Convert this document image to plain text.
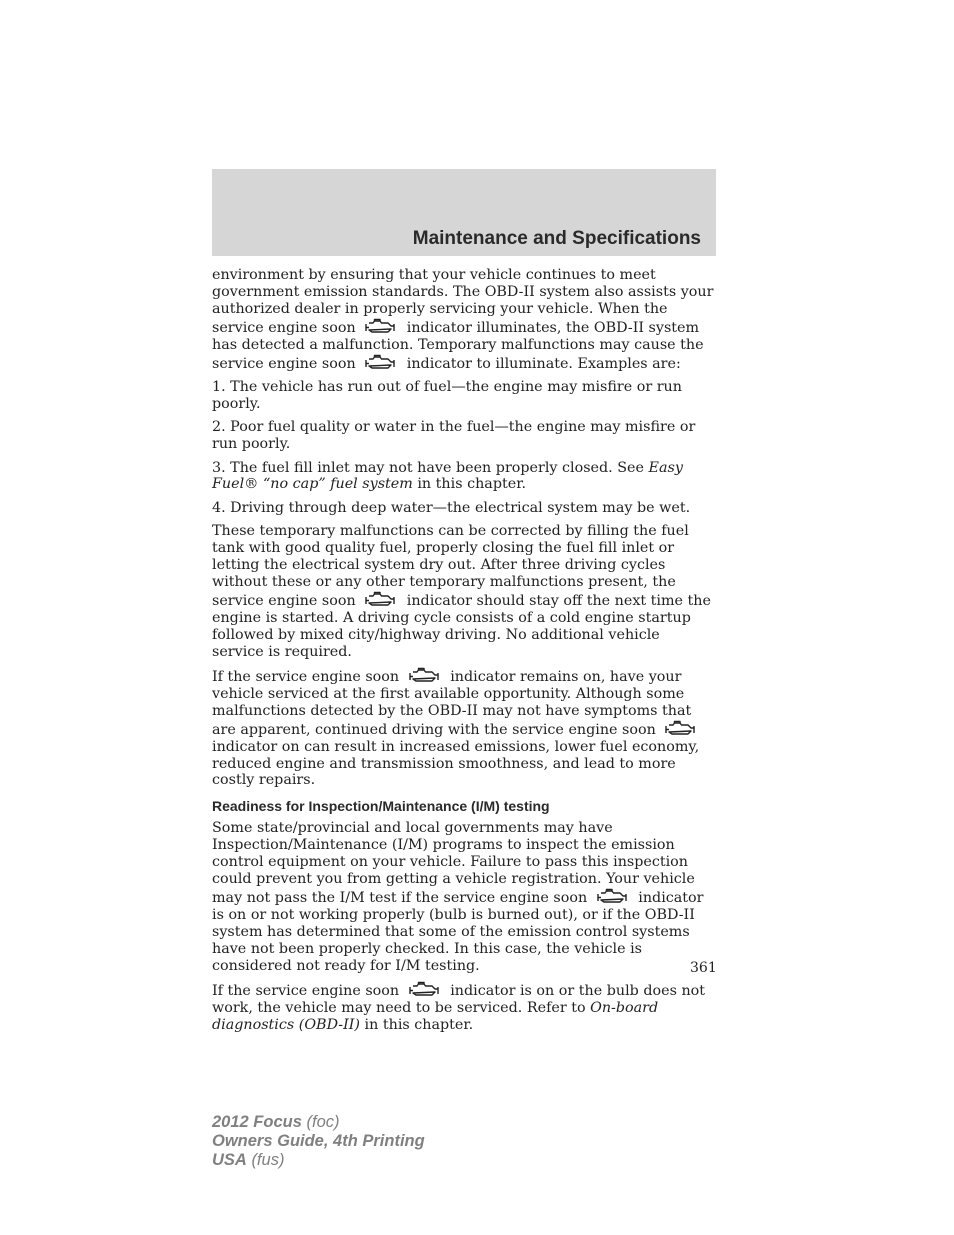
Maintenance and Specifications

environment by ensuring that your vehicle continues to meet government emission standards. The OBD-II system also assists your authorized dealer in properly servicing your vehicle. When the service engine soon	indicator illuminates, the OBD-II system has detected a malfunction. Temporary malfunctions may cause the service engine soon	indicator to illuminate. Examples are:

1. The vehicle has run out of fuel—the engine may misfire or run poorly.

2. Poor fuel quality or water in the fuel—the engine may misfire or run poorly.

3. The fuel fill inlet may not have been properly closed. See Easy Fuel® “no cap” fuel system in this chapter.

4. Driving through deep water—the electrical system may be wet.

These temporary malfunctions can be corrected by filling the fuel tank with good quality fuel, properly closing the fuel fill inlet or letting the electrical system dry out. After three driving cycles without these or any other temporary malfunctions present, the service engine soon	indicator should stay off the next time the engine is started. A driving cycle consists of a cold engine startup followed by mixed city/highway driving. No additional vehicle service is required.

If the service engine soon	indicator remains on, have your vehicle serviced at the first available opportunity. Although some malfunctions detected by the OBD-II may not have symptoms that are apparent, continued driving with the service engine soon
indicator on can result in increased emissions, lower fuel economy, reduced engine and transmission smoothness, and lead to more costly repairs.

Readiness for Inspection/Maintenance (I/M) testing

Some state/provincial and local governments may have Inspection/Maintenance (I/M) programs to inspect the emission control equipment on your vehicle. Failure to pass this inspection could prevent you from getting a vehicle registration. Your vehicle may not pass the I/M test if the service engine soon	indicator is on or not working properly (bulb is burned out), or if the OBD-II system has determined that some of the emission control systems have not been properly checked. In this case, the vehicle is considered not ready for I/M testing.

If the service engine soon	indicator is on or the bulb does not work, the vehicle may need to be serviced. Refer to On-board diagnostics (OBD-II) in this chapter.

361
2012 Focus (foc)
Owners Guide, 4th Printing
USA (fus)
